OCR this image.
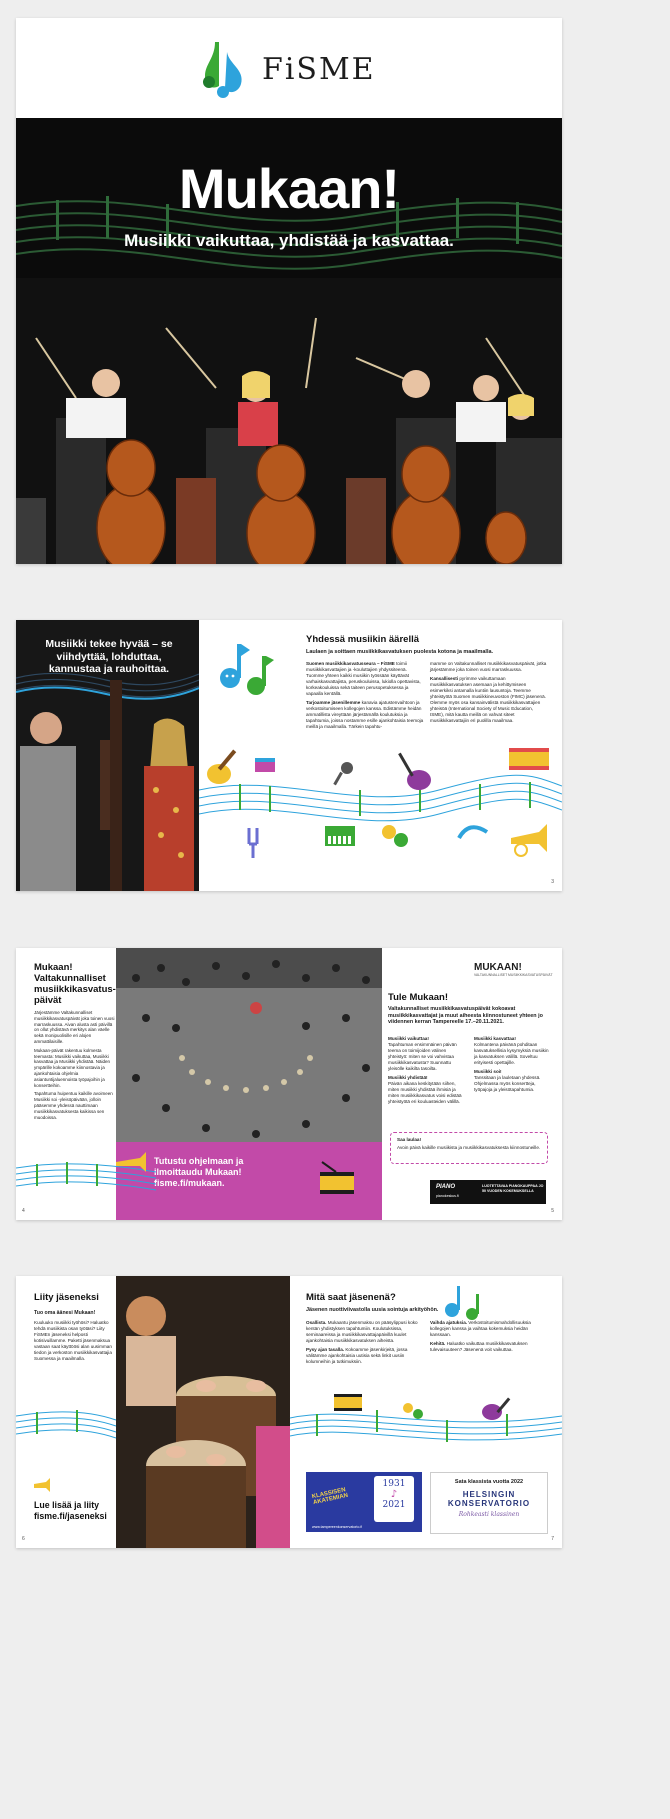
FiSME
Mukaan!
Musiikki vaikuttaa, yhdistää ja kasvattaa.
Musiikki tekee hyvää – se viihdyttää, lohduttaa, kannustaa ja rauhoittaa.
Yhdessä musiikin äärellä
Laulaen ja soittaen musiikkikasvatuksen puolesta kotona ja maailmalla.

Suomen musiikkikasvatusseura – FiSME toimii musiikkikasvattajien ja -kouluttajien yhdyssiteenä. Tuomme yhteen kaikki musiikin työssään käyttävät varhaiskasvattajista, peruskouluissa, lukiolla opettavista, korkeakouluissa sekä taiteen perusopetuksessa ja vapaalla kentällä.

Tarjoamme jäsenillemme kanavia ajatustenvaihtoon ja verkostoitumiseen kollegojen kanssa. Edistämme heidän ammatillista vireyttään järjestämällä koulutuksia ja tapahtumia, joissa nostamme esille ajankohtaisia teemoja meillä ja maailmalla. Tärkein tapahtu-

mamme on Valtakunnalliset musiikkikasvatuspäivät, jotka järjestämme joka toinen vuosi marraskuussa.

Kansallisesti pyrimme vaikuttamaan musiikkikasvatuksen asemaan ja kehittymiseen esimerkiksi antamalla kuntiin lausuntoja. Teemme yhteistyötä Suomen musiikkineuvoston (FIMC) jäsenenä. Olemme myös osa kansainvälistä musiikkikasvattajien yhteisöä (International Society of Music Education, ISME), mitä kautta meillä on vahvat siteet musiikkikasvattajiin eri puolilla maailmaa.

3
Mukaan!
Valtakunnalliset
musiikkikasvatus-
päivät

Järjestämme Valtakunnalliset musiikkikasvatuspäivät joka toinen vuosi marraskuussa. Aivan alusta asti päivillä on ollut yhdistävä merkitys alan väelle sekä monipuolisille eri alojen ammattilaisille.

Mukaan-päivät rakentuu kolmesta teemasta: Musiikki vaikuttaa, Musiikki kasvattaa ja Musiikki yhdistää. Näiden ympärille kokoamme kiinnostavia ja ajankohtaisia ohjelmia asiantuntijaluennoista työpajoihin ja konsertteihin.

Tapahtuma huipentuu kaikille avoimeen Musiikki soi -yleisöpäivään, jolloin pääsemme yhdessä nauttimaan musiikkikasvatuksesta kaikissa sen muodoissa.

Tutustu ohjelmaan ja ilmoittaudu Mukaan! fisme.fi/mukaan.
MUKAAN!
VALTAKUNNALLISET MUSIIKKIKASVATUSPÄIVÄT
Tule Mukaan!
Valtakunnalliset musiikkikasvatuspäivät kokoavat musiikkikasvattajat ja muut aiheesta kiinnostuneet yhteen jo viidennen kerran Tampereelle 17.–20.11.2021.

Musiikki vaikuttaa!
Tapahtuman ensimmäinen päivän teema on toimijoiden välinen yhteistyö: miten se voi vahvistaa musiikkikasvatusta? Suunnattu yleisölle kaikilta tasoilta.

Musiikki yhdistää!
Päivän aikana keskitytään siihen, miten musiikki yhdistää ihmisiä ja miten musiikkikasvatus voisi edistää yhteistyötä eri kouluasteiden välillä.

Musiikki kasvattaa!
Kolmantena päivänä pohditaan kasvatuksellisia kysymyksiä musiikin ja kasvatuksen välillä. Soveltuu erityisesti opettajille.

Musiikki soi!
Tanssitaan ja lauletaan yhdessä. Ohjelmassa myös konsertteja, työpajoja ja yleisötapahtumia.

Saa laulaa!
Avoin päivä kaikille musiikista ja musiikkikasvatuksesta kiinnostuneille.
PIANO
pianokeskus.fi
LUOTETTAVAA PIANOKAUPPAA JO 50 VUODEN KOKEMUKSELLA
4	5
Liity jäseneksi
Tuo oma äänesi Mukaan!
Kuuluuko musiikki työhösi? Haluatko tehdä musiikista osan työtäsi? Liity FiSMEn jäseneksi helposti kotisivuillamme. Paketti jäsenmaksua vastaan saat käyttöösi alan uusimman tiedon ja verkoston musiikkikasvattajia Suomessa ja maailmalla.
Lue lisää ja liity fisme.fi/jaseneksi
Mitä saat jäsenenä?
Jäsenen nuottiviivastolla uusia sointuja arkityöhön.

Osallista. Mukaantu jäsenmaksu on pääsylippusi koko kentän yhdistyksen tapahtumiin. Koulutuksissa, seminaareissa ja musiikkikasvattajapäivillä kuulet ajankohtaisia musiikkikasvatuksen aiheista.

Pysy ajan tasalla. Kokoamme jäsenkirjeitä, jossa välitämme ajankohtaisia uutisia sekä linkit uusiin kolumneihin ja tutkimuksiin.

Vaihda ajatuksia. Verkostoitumismahdollisuuksia kollegojen kanssa ja vaihtaa kokemuksia heidän kanssaan.

Kehitä. Haluatko vaikuttaa musiikkikasvatuksen tulevaisuuteen? Jäsenenä voit vaikuttaa.

KLASSISEN AKATEMIAN
1931
♪
2021
www.tampereenkonservatorio.fi
Sata klassista vuotta 2022
HELSINGIN KONSERVATORIO
Rohkeasti klassinen
6	7
